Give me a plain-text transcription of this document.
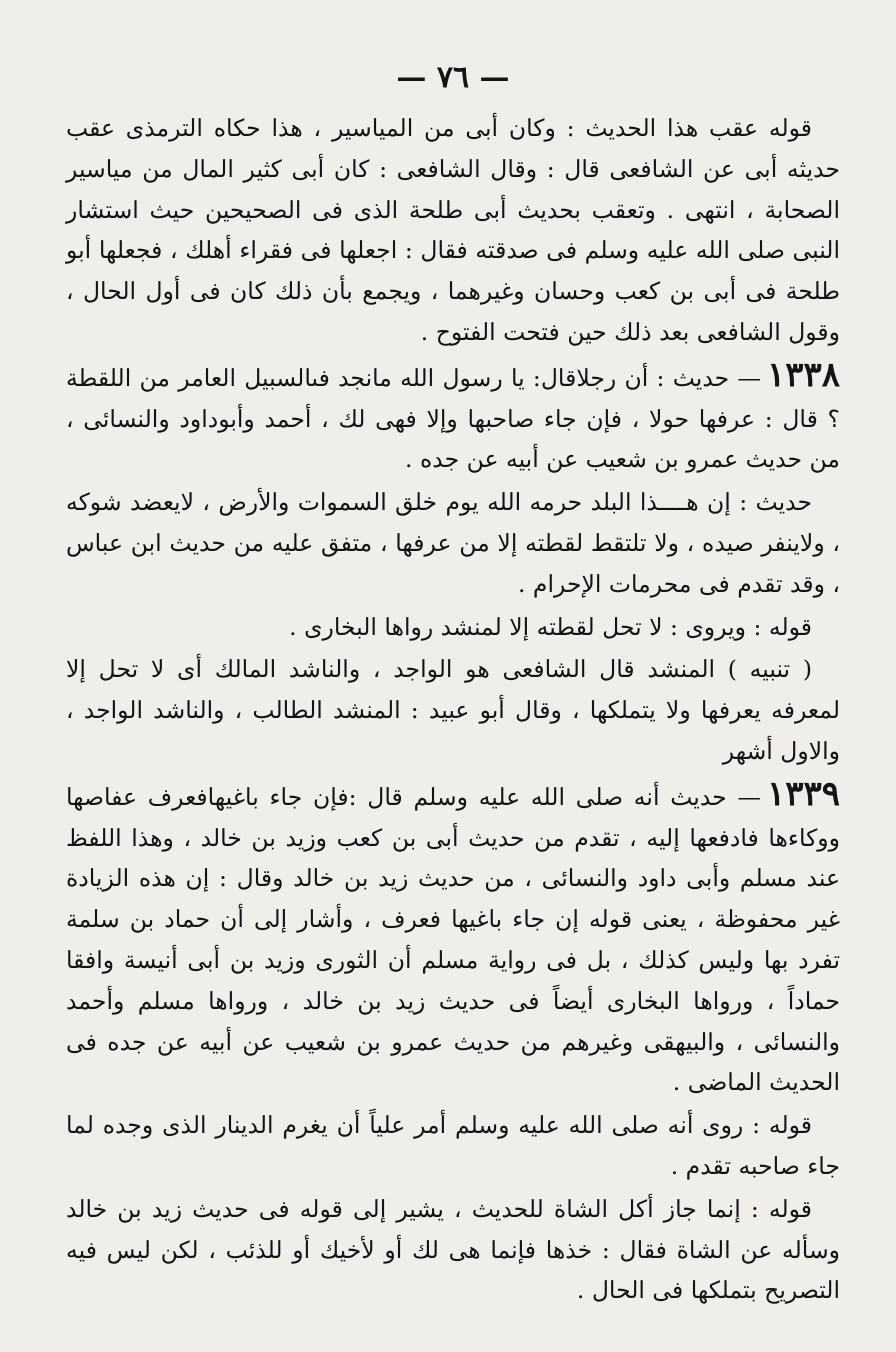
— ٧٦ —

قوله عقب هذا الحديث : وكان أبى من المياسير ، هذا حكاه الترمذى عقب حديثه أبى عن الشافعى قال : وقال الشافعى : كان أبى كثير المال من مياسير الصحابة ، انتهى . وتعقب بحديث أبى طلحة الذى فى الصحيحين حيث استشار النبى صلى الله عليه وسلم فى صدقته فقال : اجعلها فى فقراء أهلك ، فجعلها أبو طلحة فى أبى بن كعب وحسان وغيرهما ، ويجمع بأن ذلك كان فى أول الحال ، وقول الشافعى بعد ذلك حين فتحت الفتوح .

١٣٣٨— حديث : أن رجلاقال: يا رسول الله مانجد فىالسبيل العامر من اللقطة ؟ قال : عرفها حولا ، فإن جاء صاحبها وإلا فهى لك ، أحمد وأبوداود والنسائى ، من حديث عمرو بن شعيب عن أبيه عن جده .

حديث : إن هــــذا البلد حرمه الله يوم خلق السموات والأرض ، لايعضد شوكه ، ولاينفر صيده ، ولا تلتقط لقطته إلا من عرفها ، متفق عليه من حديث ابن عباس ، وقد تقدم فى محرمات الإحرام .

قوله : ويروى : لا تحل لقطته إلا لمنشد رواها البخارى .

( تنبيه ) المنشد قال الشافعى هو الواجد ، والناشد المالك أى لا تحل إلا لمعرفه يعرفها ولا يتملكها ، وقال أبو عبيد : المنشد الطالب ، والناشد الواجد ، والاول أشهر

١٣٣٩— حديث أنه صلى الله عليه وسلم قال :فإن جاء باغيهافعرف عفاصها ووكاءها فادفعها إليه ، تقدم من حديث أبى بن كعب وزيد بن خالد ، وهذا اللفظ عند مسلم وأبى داود والنسائى ، من حديث زيد بن خالد وقال : إن هذه الزيادة غير محفوظة ، يعنى قوله إن جاء باغيها فعرف ، وأشار إلى أن حماد بن سلمة تفرد بها وليس كذلك ، بل فى رواية مسلم أن الثورى وزيد بن أبى أنيسة وافقا حماداً ، ورواها البخارى أيضاً فى حديث زيد بن خالد ، ورواها مسلم وأحمد والنسائى ، والبيهقى وغيرهم من حديث عمرو بن شعيب عن أبيه عن جده فى الحديث الماضى .

قوله : روى أنه صلى الله عليه وسلم أمر علياً أن يغرم الدينار الذى وجده لما جاء صاحبه تقدم .

قوله : إنما جاز أكل الشاة للحديث ، يشير إلى قوله فى حديث زيد بن خالد وسأله عن الشاة فقال : خذها فإنما هى لك أو لأخيك أو للذئب ، لكن ليس فيه التصريح بتملكها فى الحال .
